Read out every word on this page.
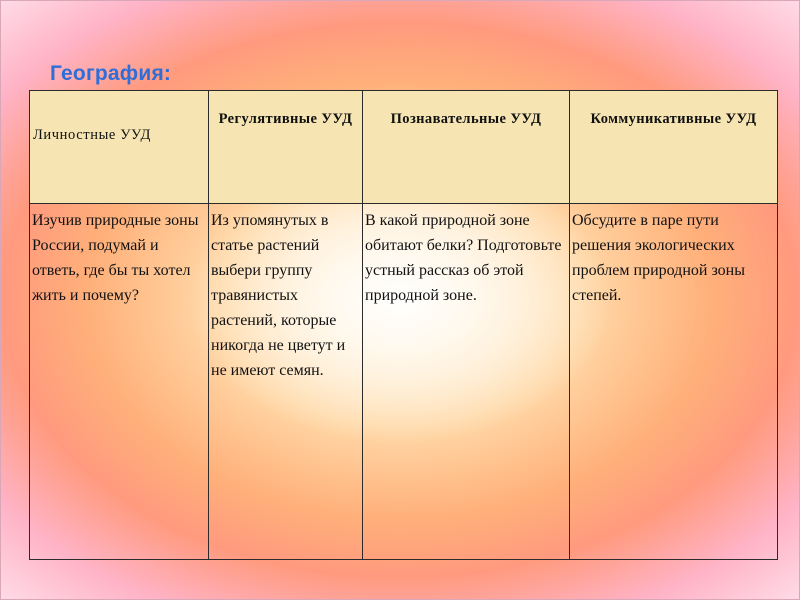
География:
Личностные УУД	Регулятивные УУД	Познавательные УУД	Коммуникативные УУД
Изучив природные зоны России, подумай и ответь, где бы ты хотел жить и почему?	Из упомянутых в статье растений выбери группу травянистых растений, которые никогда не цветут и не имеют семян.	В какой природной зоне обитают белки? Подготовьте устный рассказ об этой природной зоне.	Обсудите в паре пути решения экологических проблем природной зоны степей.
